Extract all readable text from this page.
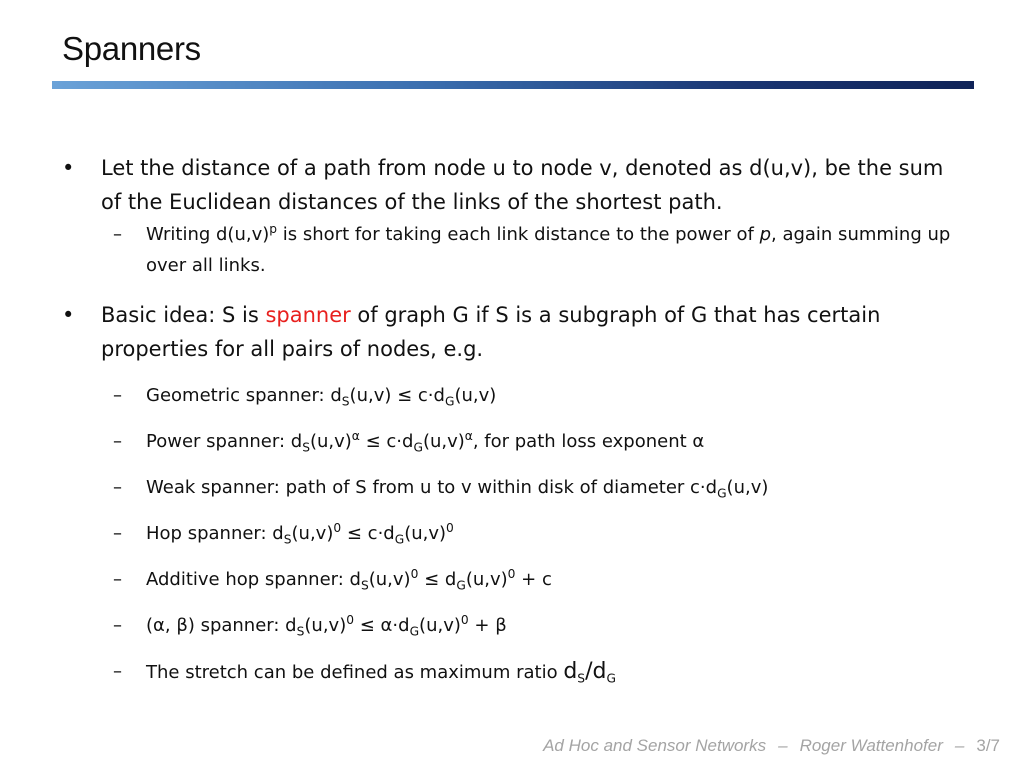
Spanners
• Let the distance of a path from node u to node v, denoted as d(u,v), be the sum of the Euclidean distances of the links of the shortest path.
– Writing $d(u,v)^p$ is short for taking each link distance to the power of p, again summing up over all links.
• Basic idea: S is spanner of graph G if S is a subgraph of G that has certain properties for all pairs of nodes, e.g.
– Geometric spanner: $d_S(u,v) \le c\cdot d_G(u,v)$
– Power spanner: $d_S(u,v)^\alpha \le c\cdot d_G(u,v)^\alpha$, for path loss exponent α
– Weak spanner: path of S from u to v within disk of diameter $c\cdot d_G(u,v)$
– Hop spanner: $d_S(u,v)^0 \le c\cdot d_G(u,v)^0$
– Additive hop spanner: $d_S(u,v)^0 \le d_G(u,v)^0 + c$
– (α, β) spanner: $d_S(u,v)^0 \le \alpha\cdot d_G(u,v)^0 + \beta$
– The stretch can be defined as maximum ratio $d_S/d_G$
Ad Hoc and Sensor Networks – Roger Wattenhofer – 3/7
